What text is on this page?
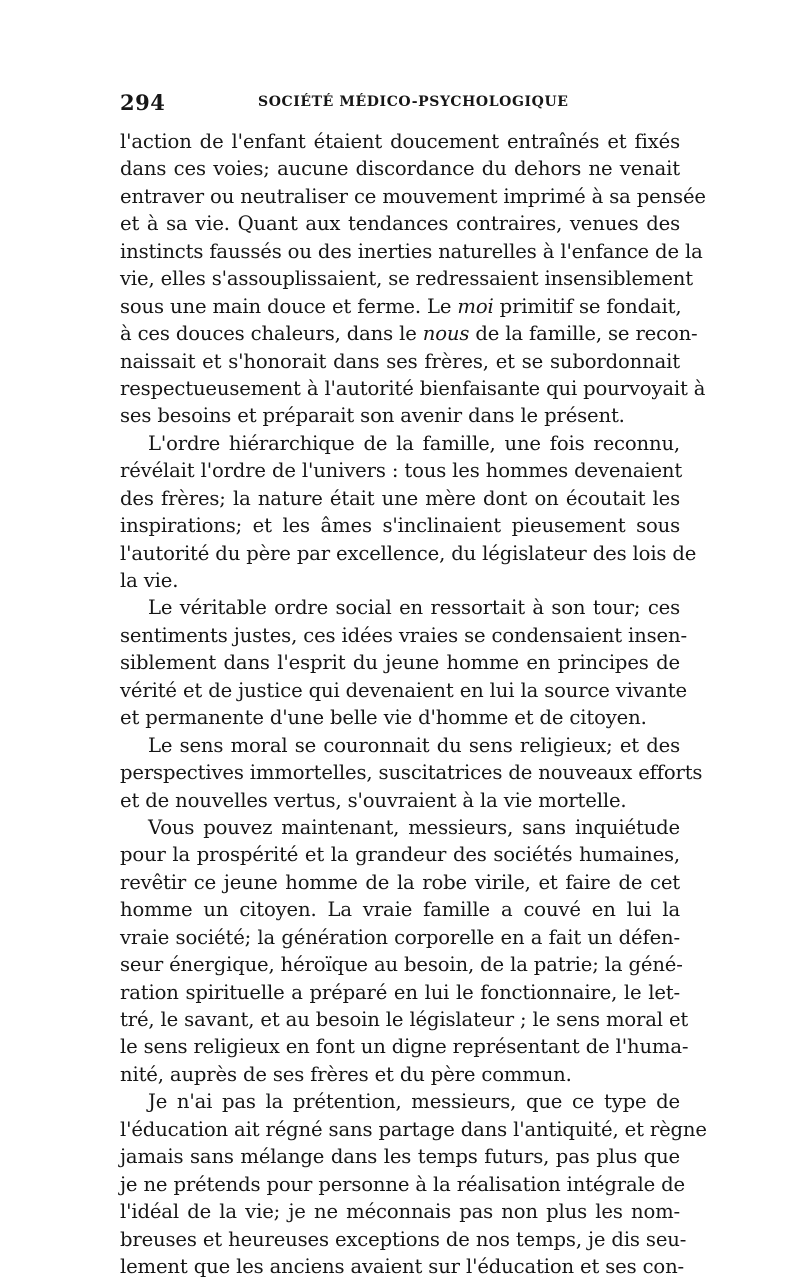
294	SOCIÉTÉ MÉDICO-PSYCHOLOGIQUE
l'action de l'enfant étaient doucement entraînés et fixés
dans ces voies; aucune discordance du dehors ne venait
entraver ou neutraliser ce mouvement imprimé à sa pensée
et à sa vie. Quant aux tendances contraires, venues des
instincts faussés ou des inerties naturelles à l'enfance de la
vie, elles s'assouplissaient, se redressaient insensiblement
sous une main douce et ferme. Le moi primitif se fondait,
à ces douces chaleurs, dans le nous de la famille, se recon-
naissait et s'honorait dans ses frères, et se subordonnait
respectueusement à l'autorité bienfaisante qui pourvoyait à
ses besoins et préparait son avenir dans le présent.
L'ordre hiérarchique de la famille, une fois reconnu,
révélait l'ordre de l'univers : tous les hommes devenaient
des frères; la nature était une mère dont on écoutait les
inspirations; et les âmes s'inclinaient pieusement sous
l'autorité du père par excellence, du législateur des lois de
la vie.
Le véritable ordre social en ressortait à son tour; ces
sentiments justes, ces idées vraies se condensaient insen-
siblement dans l'esprit du jeune homme en principes de
vérité et de justice qui devenaient en lui la source vivante
et permanente d'une belle vie d'homme et de citoyen.
Le sens moral se couronnait du sens religieux; et des
perspectives immortelles, suscitatrices de nouveaux efforts
et de nouvelles vertus, s'ouvraient à la vie mortelle.
Vous pouvez maintenant, messieurs, sans inquiétude
pour la prospérité et la grandeur des sociétés humaines,
revêtir ce jeune homme de la robe virile, et faire de cet
homme un citoyen. La vraie famille a couvé en lui la
vraie société; la génération corporelle en a fait un défen-
seur énergique, héroïque au besoin, de la patrie; la géné-
ration spirituelle a préparé en lui le fonctionnaire, le let-
tré, le savant, et au besoin le législateur ; le sens moral et
le sens religieux en font un digne représentant de l'huma-
nité, auprès de ses frères et du père commun.
Je n'ai pas la prétention, messieurs, que ce type de
l'éducation ait régné sans partage dans l'antiquité, et règne
jamais sans mélange dans les temps futurs, pas plus que
je ne prétends pour personne à la réalisation intégrale de
l'idéal de la vie; je ne méconnais pas non plus les nom-
breuses et heureuses exceptions de nos temps, je dis seu-
lement que les anciens avaient sur l'éducation et ses con-
